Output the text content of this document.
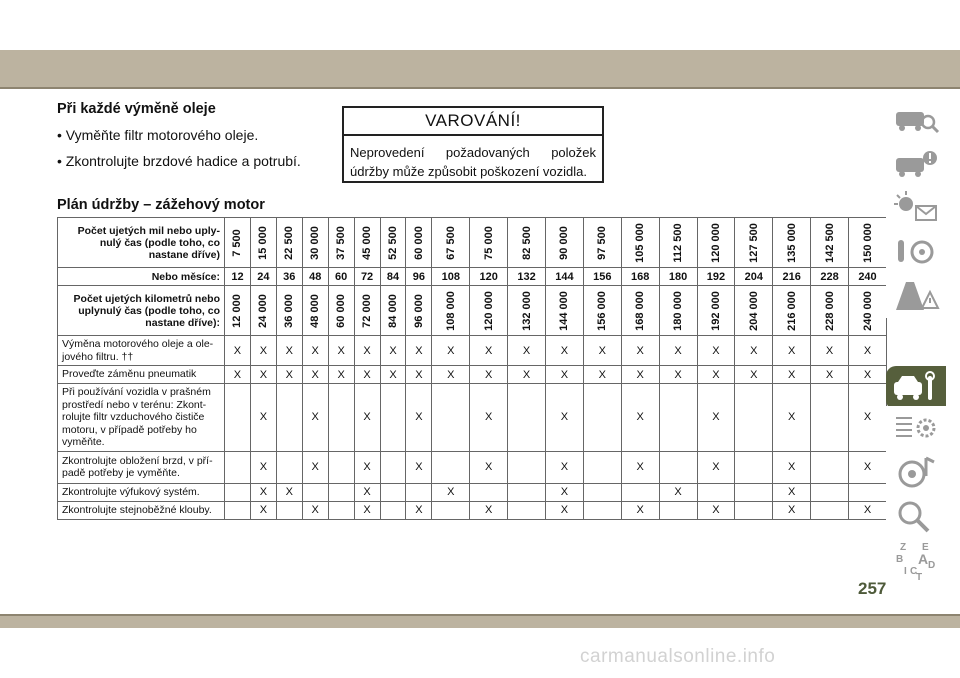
Při každé výměně oleje
• Vyměňte filtr motorového oleje.
• Zkontrolujte brzdové hadice a potrubí.
VAROVÁNÍ!
Neprovedení požadovaných položek údržby může způsobit poškození vozidla.
Plán údržby – zážehový motor
Počet ujetých mil nebo uply-nulý čas (podle toho, co nastane dříve)	7 500	15 000	22 500	30 000	37 500	45 000	52 500	60 000	67 500	75 000	82 500	90 000	97 500	105 000	112 500	120 000	127 500	135 000	142 500	150 000

Nebo měsíce:	12	24	36	48	60	72	84	96	108	120	132	144	156	168	180	192	204	216	228	240
Počet ujetých kilometrů nebo uplynulý čas (podle toho, co nastane dříve):	12 000	24 000	36 000	48 000	60 000	72 000	84 000	96 000	108 000	120 000	132 000	144 000	156 000	168 000	180 000	192 000	204 000	216 000	228 000	240 000

Výměna motorového oleje a ole-jového filtru. ††	X	X	X	X	X	X	X	X	X	X	X	X	X	X	X	X	X	X	X	X
Proveďte záměnu pneumatik	X	X	X	X	X	X	X	X	X	X	X	X	X	X	X	X	X	X	X	X
Při používání vozidla v prašném prostředí nebo v terénu: Zkont-rolujte filtr vzduchového čističe motoru, v případě potřeby ho vyměňte.		X		X		X		X		X		X		X		X		X		X
Zkontrolujte obložení brzd, v pří-padě potřeby je vyměňte.		X		X		X		X		X		X		X		X		X		X
Zkontrolujte výfukový systém.		X	X			X			X			X			X			X		
Zkontrolujte stejnoběžné klouby.		X		X		X		X		X		X		X		X		X		X
Z E
B A
I C
D
T
257
carmanualsonline.info
